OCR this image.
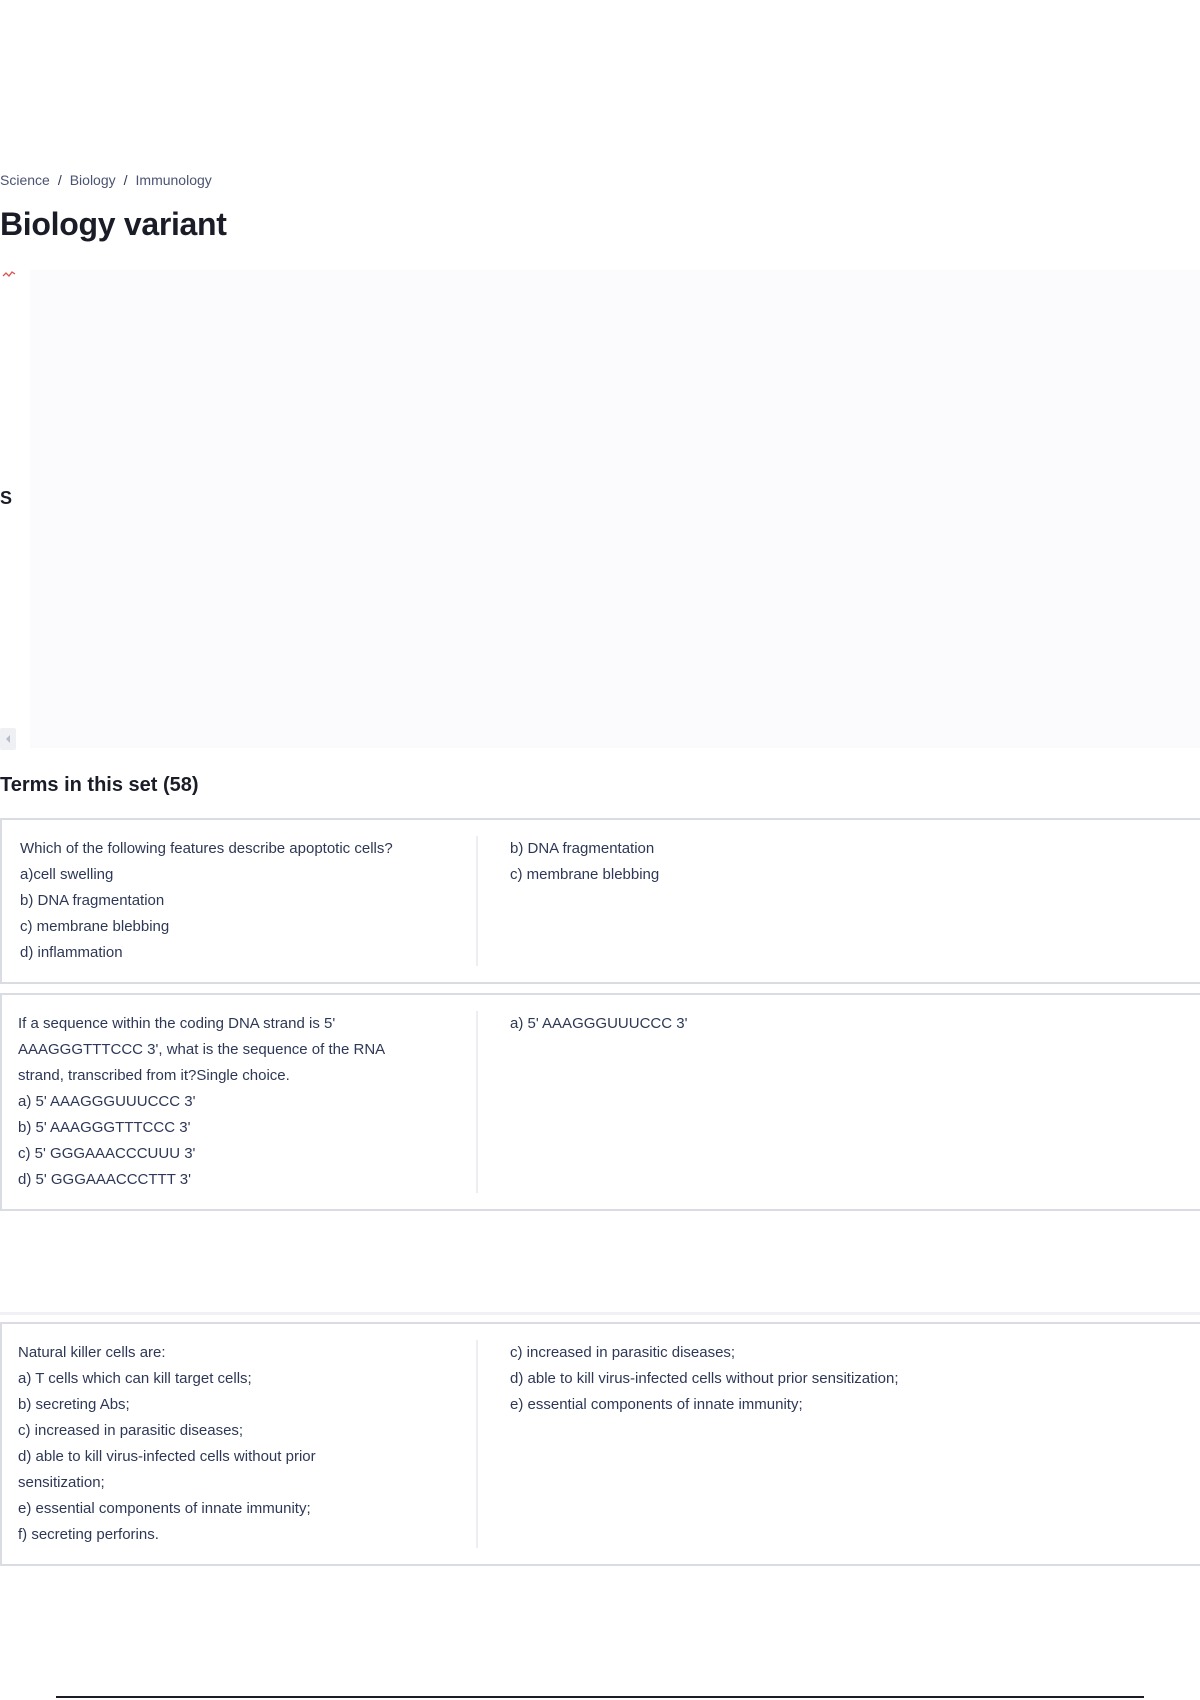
Science / Biology / Immunology
Biology variant
S
Terms in this set (58)
Which of the following features describe apoptotic cells?
a)cell swelling
b) DNA fragmentation
c) membrane blebbing
d) inflammation
b) DNA fragmentation
c) membrane blebbing
If a sequence within the coding DNA strand is 5'
AAAGGGTTTCCC 3', what is the sequence of the RNA
strand, transcribed from it?Single choice.
a) 5' AAAGGGUUUCCC 3'
b) 5' AAAGGGTTTCCC 3'
c) 5' GGGAAACCCUUU 3'
d) 5' GGGAAACCCTTT 3'
a) 5' AAAGGGUUUCCC 3'
Natural killer cells are:
a) T cells which can kill target cells;
b) secreting Abs;
c) increased in parasitic diseases;
d) able to kill virus-infected cells without prior
sensitization;
e) essential components of innate immunity;
f) secreting perforins.
c) increased in parasitic diseases;
d) able to kill virus-infected cells without prior sensitization;
e) essential components of innate immunity;
